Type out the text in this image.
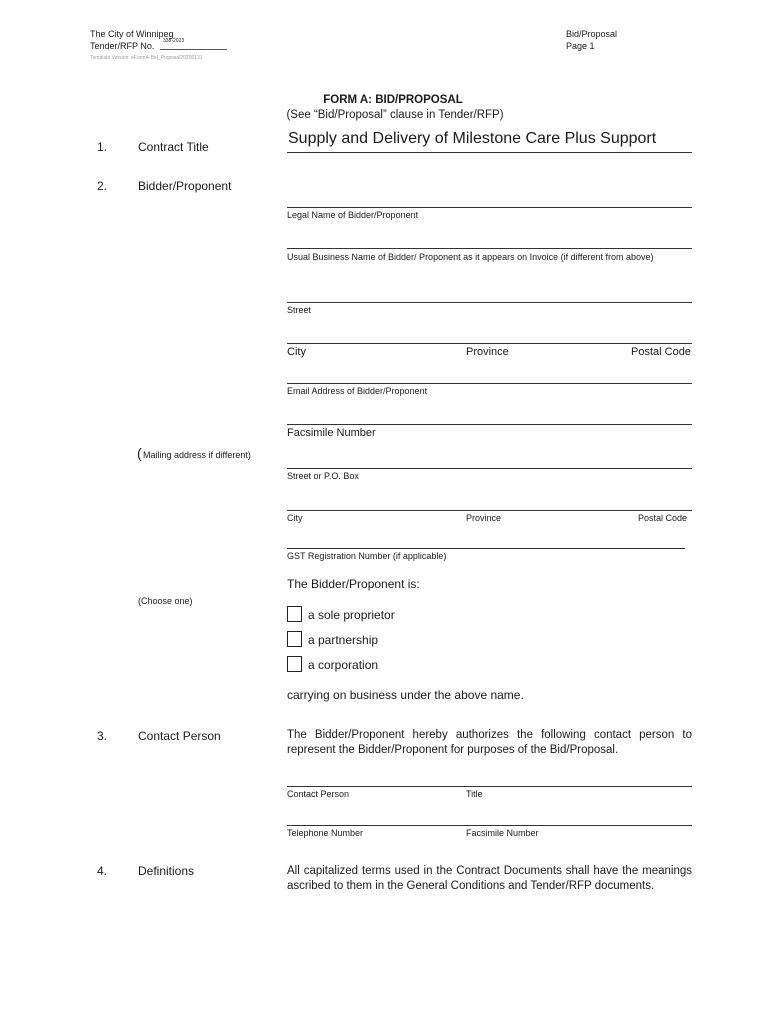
The City of Winnipeg
Tender/RFP No. 338-2023
Template Version: eFormA-Bid_Proposal20200131
Bid/Proposal
Page 1
FORM A: BID/PROPOSAL
(See “Bid/Proposal” clause in Tender/RFP)
1.	Contract Title	Supply and Delivery of Milestone Care Plus Support
2.	Bidder/Proponent
Legal Name of Bidder/Proponent
Usual Business Name of Bidder/ Proponent as it appears on Invoice (if different from above)
Street
City	Province	Postal Code
Email Address of Bidder/Proponent
Facsimile Number
( Mailing address if different)
Street or P.O. Box
City	Province	Postal Code
GST Registration Number (if applicable)
The Bidder/Proponent is:
(Choose one)
a sole proprietor
a partnership
a corporation
carrying on business under the above name.
3.	Contact Person	The Bidder/Proponent hereby authorizes the following contact person to represent the Bidder/Proponent for purposes of the Bid/Proposal.
Contact Person	Title
Telephone Number	Facsimile Number
4.	Definitions	All capitalized terms used in the Contract Documents shall have the meanings ascribed to them in the General Conditions and Tender/RFP documents.
